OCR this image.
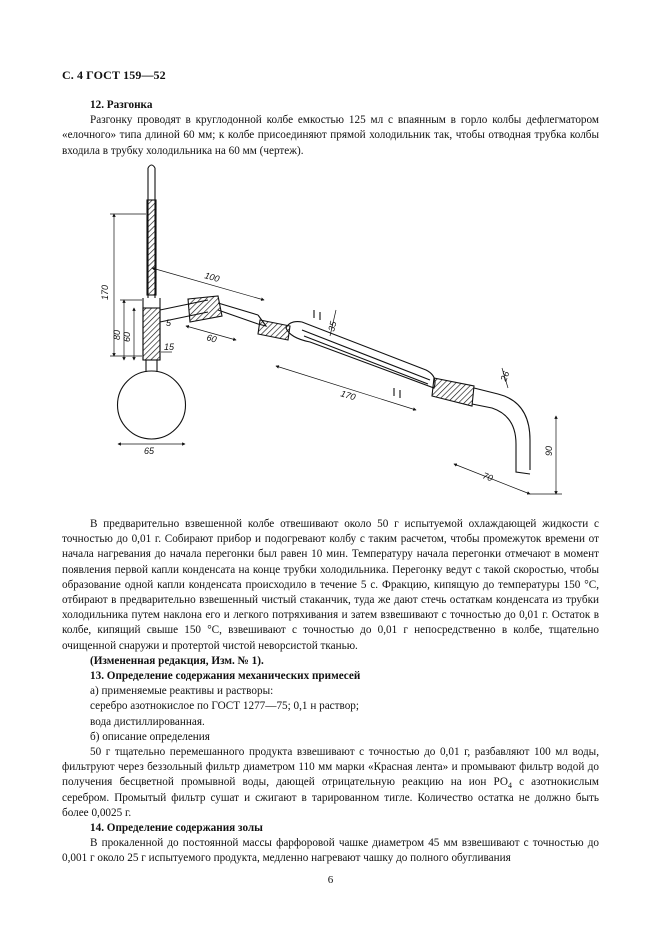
С. 4 ГОСТ 159—52

12. Разгонка

Разгонку проводят в круглодонной колбе емкостью 125 мл с впаянным в горло колбы дефлегматором «елочного» типа длиной 60 мм; к колбе присоединяют прямой холодильник так, чтобы отводная трубка колбы входила в трубку холодильника на 60 мм (чертеж).

170
80 60
15
5
100
60
65
35
170
26
90
70

В предварительно взвешенной колбе отвешивают около 50 г испытуемой охлаждающей жидкости с точностью до 0,01 г. Собирают прибор и подогревают колбу с таким расчетом, чтобы промежуток времени от начала нагревания до начала перегонки был равен 10 мин. Температуру начала перегонки отмечают в момент появления первой капли конденсата на конце трубки холодильника. Перегонку ведут с такой скоростью, чтобы образование одной капли конденсата происходило в течение 5 с. Фракцию, кипящую до температуры 150 °С, отбирают в предварительно взвешенный чистый стаканчик, туда же дают стечь остаткам конденсата из трубки холодильника путем наклона его и легкого потряхивания и затем взвешивают с точностью до 0,01 г. Остаток в колбе, кипящий свыше 150 °С, взвешивают с точностью до 0,01 г непосредственно в колбе, тщательно очищенной снаружи и протертой чистой неворсистой тканью.

(Измененная редакция, Изм. № 1).

13. Определение содержания механических примесей

а) применяемые реактивы и растворы:

серебро азотнокислое по ГОСТ 1277—75; 0,1 н раствор;

вода дистиллированная.

б) описание определения

50 г тщательно перемешанного продукта взвешивают с точностью до 0,01 г, разбавляют 100 мл воды, фильтруют через беззольный фильтр диаметром 110 мм марки «Красная лента» и промывают фильтр водой до получения бесцветной промывной воды, дающей отрицательную реакцию на ион $РО_4$ с азотнокислым серебром. Промытый фильтр сушат и сжигают в тарированном тигле. Количество остатка не должно быть более 0,0025 г.

14. Определение содержания золы

В прокаленной до постоянной массы фарфоровой чашке диаметром 45 мм взвешивают с точностью до 0,001 г около 25 г испытуемого продукта, медленно нагревают чашку до полного обугливания

6
